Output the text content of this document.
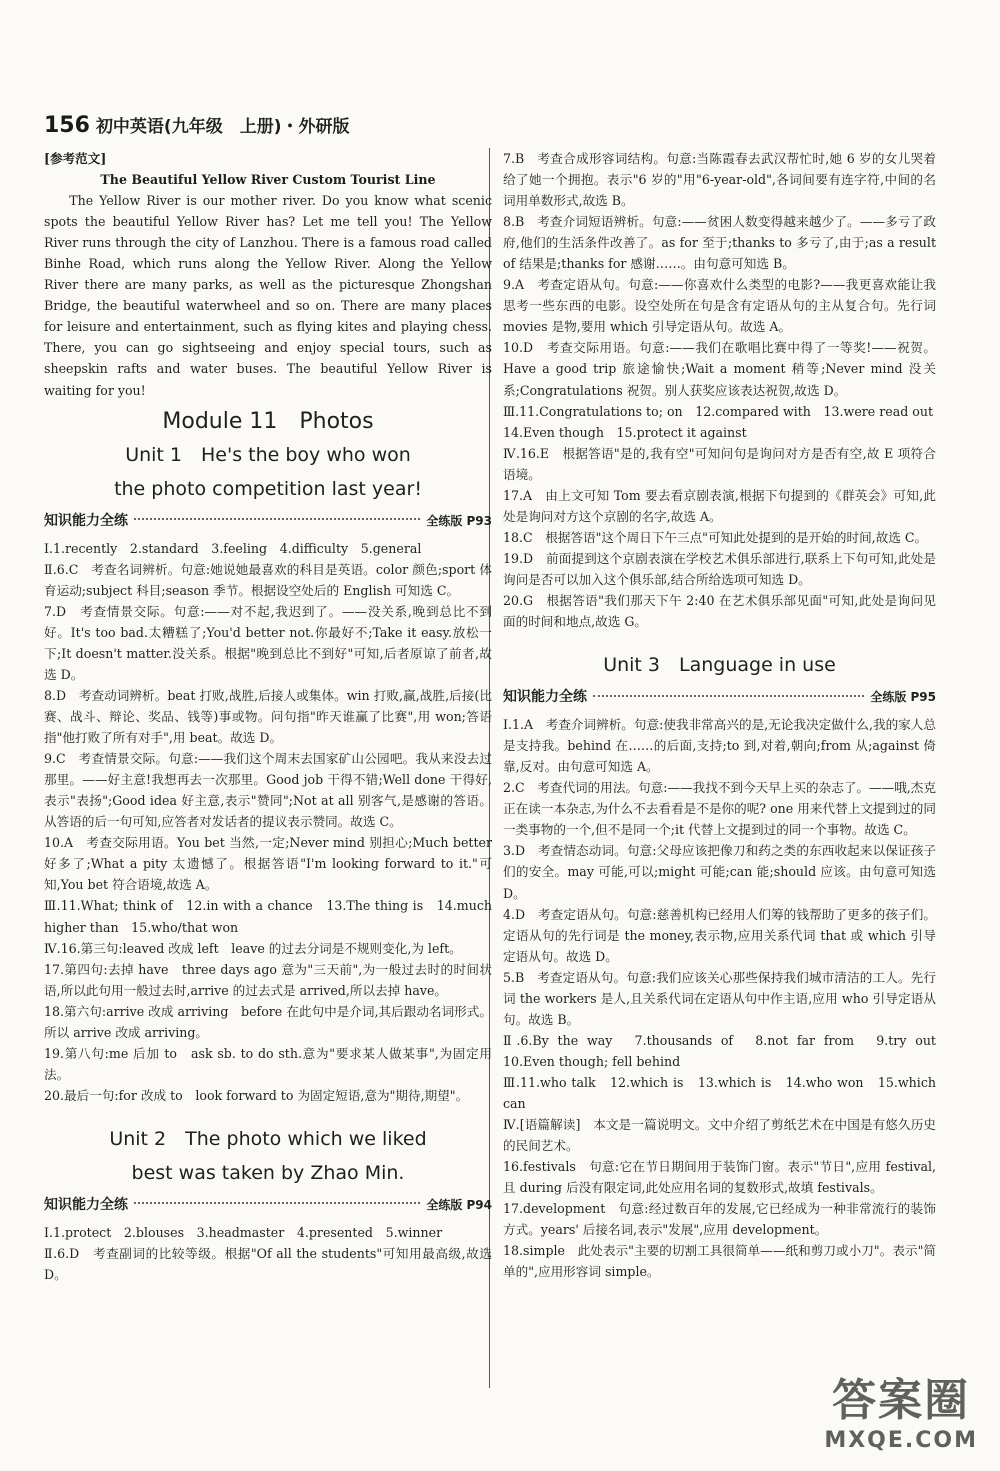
156 初中英语(九年级　上册)・外研版

[参考范文]

The Beautiful Yellow River Custom Tourist Line

The Yellow River is our mother river. Do you know what scenic spots the beautiful Yellow River has? Let me tell you! The Yellow River runs through the city of Lanzhou. There is a famous road called Binhe Road, which runs along the Yellow River. Along the Yellow River there are many parks, as well as the picturesque Zhongshan Bridge, the beautiful waterwheel and so on. There are many places for leisure and entertainment, such as flying kites and playing chess. There, you can go sightseeing and enjoy special tours, such as sheepskin rafts and water buses. The beautiful Yellow River is waiting for you!

Module 11　Photos
Unit 1　He's the boy who won
the photo competition last year!
知识能力全练	全练版 P93

Ⅰ.1.recently　2.standard　3.feeling　4.difficulty　5.general

Ⅱ.6.C　考查名词辨析。句意:她说她最喜欢的科目是英语。color 颜色;sport 体育运动;subject 科目;season 季节。根据设空处后的 English 可知选 C。

7.D　考查情景交际。句意:——对不起,我迟到了。——没关系,晚到总比不到好。It's too bad.太糟糕了;You'd better not.你最好不;Take it easy.放松一下;It doesn't matter.没关系。根据"晚到总比不到好"可知,后者原谅了前者,故选 D。

8.D　考查动词辨析。beat 打败,战胜,后接人或集体。win 打败,赢,战胜,后接(比赛、战斗、辩论、奖品、钱等)事或物。问句指"昨天谁赢了比赛",用 won;答语指"他打败了所有对手",用 beat。故选 D。

9.C　考查情景交际。句意:——我们这个周末去国家矿山公园吧。我从来没去过那里。——好主意!我想再去一次那里。Good job 干得不错;Well done 干得好,表示"表扬";Good idea 好主意,表示"赞同";Not at all 别客气,是感谢的答语。从答语的后一句可知,应答者对发话者的提议表示赞同。故选 C。

10.A　考查交际用语。You bet 当然,一定;Never mind 别担心;Much better 好多了;What a pity 太遗憾了。根据答语"I'm looking forward to it."可知,You bet 符合语境,故选 A。

Ⅲ.11.What; think of　12.in with a chance　13.The thing is　14.much higher than　15.who/that won

Ⅳ.16.第三句:leaved 改成 left　leave 的过去分词是不规则变化,为 left。

17.第四句:去掉 have　three days ago 意为"三天前",为一般过去时的时间状语,所以此句用一般过去时,arrive 的过去式是 arrived,所以去掉 have。

18.第六句:arrive 改成 arriving　before 在此句中是介词,其后跟动名词形式。所以 arrive 改成 arriving。

19.第八句:me 后加 to　ask sb. to do sth.意为"要求某人做某事",为固定用法。

20.最后一句:for 改成 to　look forward to 为固定短语,意为"期待,期望"。

Unit 2　The photo which we liked
best was taken by Zhao Min.
知识能力全练	全练版 P94

Ⅰ.1.protect　2.blouses　3.headmaster　4.presented　5.winner

Ⅱ.6.D　考查副词的比较等级。根据"Of all the students"可知用最高级,故选 D。

7.B　考查合成形容词结构。句意:当陈霞春去武汉帮忙时,她 6 岁的女儿哭着给了她一个拥抱。表示"6 岁的"用"6-year-old",各词间要有连字符,中间的名词用单数形式,故选 B。

8.B　考查介词短语辨析。句意:——贫困人数变得越来越少了。——多亏了政府,他们的生活条件改善了。as for 至于;thanks to 多亏了,由于;as a result of 结果是;thanks for 感谢……。由句意可知选 B。

9.A　考查定语从句。句意:——你喜欢什么类型的电影?——我更喜欢能让我思考一些东西的电影。设空处所在句是含有定语从句的主从复合句。先行词 movies 是物,要用 which 引导定语从句。故选 A。

10.D　考查交际用语。句意:——我们在歌唱比赛中得了一等奖!——祝贺。Have a good trip 旅途愉快;Wait a moment 稍等;Never mind 没关系;Congratulations 祝贺。别人获奖应该表达祝贺,故选 D。

Ⅲ.11.Congratulations to; on　12.compared with　13.were read out

14.Even though　15.protect it against

Ⅳ.16.E　根据答语"是的,我有空"可知问句是询问对方是否有空,故 E 项符合语境。

17.A　由上文可知 Tom 要去看京剧表演,根据下句提到的《群英会》可知,此处是询问对方这个京剧的名字,故选 A。

18.C　根据答语"这个周日下午三点"可知此处提到的是开始的时间,故选 C。

19.D　前面提到这个京剧表演在学校艺术俱乐部进行,联系上下句可知,此处是询问是否可以加入这个俱乐部,结合所给选项可知选 D。

20.G　根据答语"我们那天下午 2:40 在艺术俱乐部见面"可知,此处是询问见面的时间和地点,故选 G。

Unit 3　Language in use
知识能力全练	全练版 P95

Ⅰ.1.A　考查介词辨析。句意:使我非常高兴的是,无论我决定做什么,我的家人总是支持我。behind 在……的后面,支持;to 到,对着,朝向;from 从;against 倚靠,反对。由句意可知选 A。

2.C　考查代词的用法。句意:——我找不到今天早上买的杂志了。——哦,杰克正在读一本杂志,为什么不去看看是不是你的呢? one 用来代替上文提到过的同一类事物的一个,但不是同一个;it 代替上文提到过的同一个事物。故选 C。

3.D　考查情态动词。句意:父母应该把像刀和药之类的东西收起来以保证孩子们的安全。may 可能,可以;might 可能;can 能;should 应该。由句意可知选 D。

4.D　考查定语从句。句意:慈善机构已经用人们筹的钱帮助了更多的孩子们。定语从句的先行词是 the money,表示物,应用关系代词 that 或 which 引导定语从句。故选 D。

5.B　考查定语从句。句意:我们应该关心那些保持我们城市清洁的工人。先行词 the workers 是人,且关系代词在定语从句中作主语,应用 who 引导定语从句。故选 B。

Ⅱ.6.By the way　7.thousands of　8.not far from　9.try out　10.Even though; fell behind

Ⅲ.11.who talk　12.which is　13.which is　14.who won　15.which can

Ⅳ.[语篇解读]　本文是一篇说明文。文中介绍了剪纸艺术在中国是有悠久历史的民间艺术。

16.festivals　句意:它在节日期间用于装饰门窗。表示"节日",应用 festival,且 during 后没有限定词,此处应用名词的复数形式,故填 festivals。

17.development　句意:经过数百年的发展,它已经成为一种非常流行的装饰方式。years' 后接名词,表示"发展",应用 development。

18.simple　此处表示"主要的切割工具很简单——纸和剪刀或小刀"。表示"简单的",应用形容词 simple。

答案圈
MXQE.COM
